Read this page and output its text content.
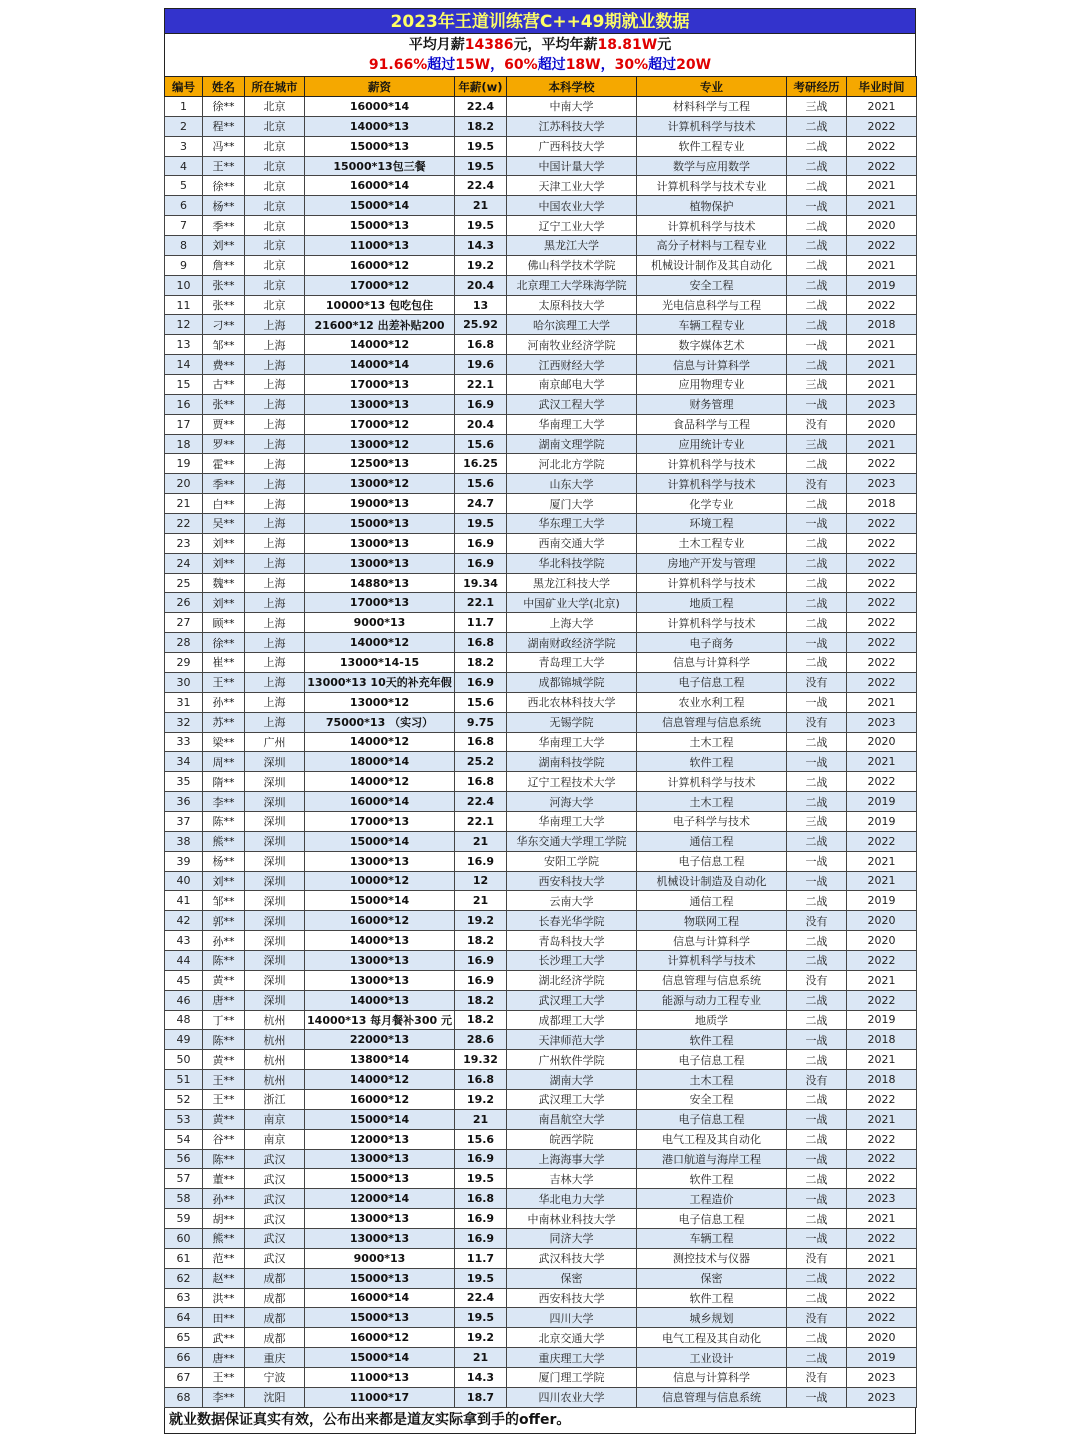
2023年王道训练营C++49期就业数据
平均月薪14386元，平均年薪18.81W元
91.66%超过15W，60%超过18W，30%超过20W
编号	姓名	所在城市	薪资	年薪(w)	本科学校	专业	考研经历	毕业时间
1	徐**	北京	16000*14	22.4	中南大学	材料科学与工程	三战	2021
2	程**	北京	14000*13	18.2	江苏科技大学	计算机科学与技术	二战	2022
3	冯**	北京	15000*13	19.5	广西科技大学	软件工程专业	二战	2022
4	王**	北京	15000*13包三餐	19.5	中国计量大学	数学与应用数学	二战	2022
5	徐**	北京	16000*14	22.4	天津工业大学	计算机科学与技术专业	二战	2021
6	杨**	北京	15000*14	21	中国农业大学	植物保护	一战	2021
7	季**	北京	15000*13	19.5	辽宁工业大学	计算机科学与技术	二战	2020
8	刘**	北京	11000*13	14.3	黑龙江大学	高分子材料与工程专业	二战	2022
9	詹**	北京	16000*12	19.2	佛山科学技术学院	机械设计制作及其自动化	二战	2021
10	张**	北京	17000*12	20.4	北京理工大学珠海学院	安全工程	二战	2019
11	张**	北京	10000*13 包吃包住	13	太原科技大学	光电信息科学与工程	二战	2022
12	刁**	上海	21600*12 出差补贴200	25.92	哈尔滨理工大学	车辆工程专业	二战	2018
13	邹**	上海	14000*12	16.8	河南牧业经济学院	数字媒体艺术	一战	2021
14	费**	上海	14000*14	19.6	江西财经大学	信息与计算科学	二战	2021
15	古**	上海	17000*13	22.1	南京邮电大学	应用物理专业	三战	2021
16	张**	上海	13000*13	16.9	武汉工程大学	财务管理	一战	2023
17	贾**	上海	17000*12	20.4	华南理工大学	食品科学与工程	没有	2020
18	罗**	上海	13000*12	15.6	湖南文理学院	应用统计专业	三战	2021
19	霍**	上海	12500*13	16.25	河北北方学院	计算机科学与技术	二战	2022
20	季**	上海	13000*12	15.6	山东大学	计算机科学与技术	没有	2023
21	白**	上海	19000*13	24.7	厦门大学	化学专业	二战	2018
22	吴**	上海	15000*13	19.5	华东理工大学	环境工程	一战	2022
23	刘**	上海	13000*13	16.9	西南交通大学	土木工程专业	二战	2022
24	刘**	上海	13000*13	16.9	华北科技学院	房地产开发与管理	二战	2022
25	魏**	上海	14880*13	19.34	黑龙江科技大学	计算机科学与技术	二战	2022
26	刘**	上海	17000*13	22.1	中国矿业大学(北京)	地质工程	二战	2022
27	顾**	上海	9000*13	11.7	上海大学	计算机科学与技术	二战	2022
28	徐**	上海	14000*12	16.8	湖南财政经济学院	电子商务	一战	2022
29	崔**	上海	13000*14-15	18.2	青岛理工大学	信息与计算科学	二战	2022
30	王**	上海	13000*13 10天的补充年假	16.9	成都锦城学院	电子信息工程	没有	2022
31	孙**	上海	13000*12	15.6	西北农林科技大学	农业水利工程	一战	2021
32	苏**	上海	75000*13 （实习）	9.75	无锡学院	信息管理与信息系统	没有	2023
33	梁**	广州	14000*12	16.8	华南理工大学	土木工程	二战	2020
34	周**	深圳	18000*14	25.2	湖南科技学院	软件工程	一战	2021
35	隋**	深圳	14000*12	16.8	辽宁工程技术大学	计算机科学与技术	二战	2022
36	李**	深圳	16000*14	22.4	河海大学	土木工程	二战	2019
37	陈**	深圳	17000*13	22.1	华南理工大学	电子科学与技术	三战	2019
38	熊**	深圳	15000*14	21	华东交通大学理工学院	通信工程	二战	2022
39	杨**	深圳	13000*13	16.9	安阳工学院	电子信息工程	一战	2021
40	刘**	深圳	10000*12	12	西安科技大学	机械设计制造及自动化	一战	2021
41	邹**	深圳	15000*14	21	云南大学	通信工程	二战	2019
42	郭**	深圳	16000*12	19.2	长春光华学院	物联网工程	没有	2020
43	孙**	深圳	14000*13	18.2	青岛科技大学	信息与计算科学	二战	2020
44	陈**	深圳	13000*13	16.9	长沙理工大学	计算机科学与技术	二战	2022
45	黄**	深圳	13000*13	16.9	湖北经济学院	信息管理与信息系统	没有	2021
46	唐**	深圳	14000*13	18.2	武汉理工大学	能源与动力工程专业	二战	2022
48	丁**	杭州	14000*13 每月餐补300 元	18.2	成都理工大学	地质学	二战	2019
49	陈**	杭州	22000*13	28.6	天津师范大学	软件工程	一战	2018
50	黄**	杭州	13800*14	19.32	广州软件学院	电子信息工程	二战	2021
51	王**	杭州	14000*12	16.8	湖南大学	土木工程	没有	2018
52	王**	浙江	16000*12	19.2	武汉理工大学	安全工程	二战	2022
53	黄**	南京	15000*14	21	南昌航空大学	电子信息工程	一战	2021
54	谷**	南京	12000*13	15.6	皖西学院	电气工程及其自动化	二战	2022
56	陈**	武汉	13000*13	16.9	上海海事大学	港口航道与海岸工程	一战	2022
57	董**	武汉	15000*13	19.5	吉林大学	软件工程	二战	2022
58	孙**	武汉	12000*14	16.8	华北电力大学	工程造价	一战	2023
59	胡**	武汉	13000*13	16.9	中南林业科技大学	电子信息工程	二战	2021
60	熊**	武汉	13000*13	16.9	同济大学	车辆工程	一战	2022
61	范**	武汉	9000*13	11.7	武汉科技大学	测控技术与仪器	没有	2021
62	赵**	成都	15000*13	19.5	保密	保密	二战	2022
63	洪**	成都	16000*14	22.4	西安科技大学	软件工程	二战	2022
64	田**	成都	15000*13	19.5	四川大学	城乡规划	没有	2022
65	武**	成都	16000*12	19.2	北京交通大学	电气工程及其自动化	二战	2020
66	唐**	重庆	15000*14	21	重庆理工大学	工业设计	二战	2019
67	王**	宁波	11000*13	14.3	厦门理工学院	信息与计算科学	没有	2023
68	李**	沈阳	11000*17	18.7	四川农业大学	信息管理与信息系统	一战	2023
就业数据保证真实有效，公布出来都是道友实际拿到手的offer。
